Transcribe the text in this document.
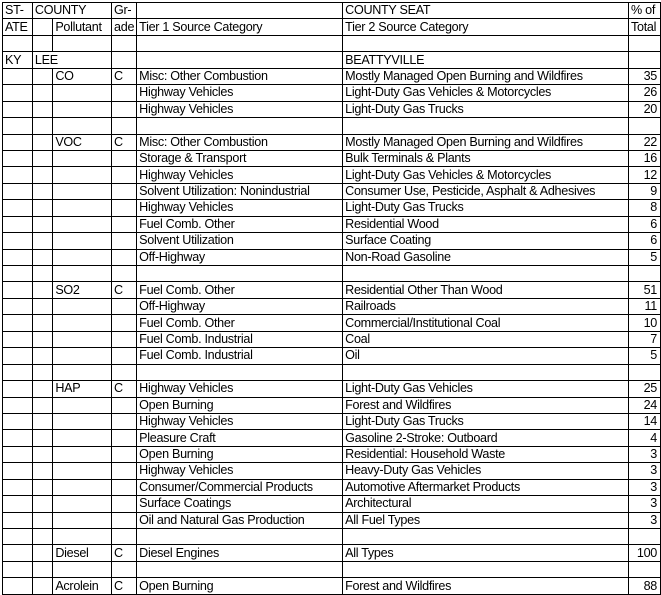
ST-	COUNTY		Gr-		COUNTY SEAT	% of
ATE		Pollutant	ade	Tier 1 Source Category	Tier 2 Source Category	Total

KY	LEE				BEATTYVILLE	
		CO	C	Misc: Other Combustion	Mostly Managed Open Burning and Wildfires	35
				Highway Vehicles	Light-Duty Gas Vehicles & Motorcycles	26
				Highway Vehicles	Light-Duty Gas Trucks	20

		VOC	C	Misc: Other Combustion	Mostly Managed Open Burning and Wildfires	22
				Storage & Transport	Bulk Terminals & Plants	16
				Highway Vehicles	Light-Duty Gas Vehicles & Motorcycles	12
				Solvent Utilization: Nonindustrial	Consumer Use, Pesticide, Asphalt & Adhesives	9
				Highway Vehicles	Light-Duty Gas Trucks	8
				Fuel Comb. Other	Residential Wood	6
				Solvent Utilization	Surface Coating	6
				Off-Highway	Non-Road Gasoline	5

		SO2	C	Fuel Comb. Other	Residential Other Than Wood	51
				Off-Highway	Railroads	11
				Fuel Comb. Other	Commercial/Institutional Coal	10
				Fuel Comb. Industrial	Coal	7
				Fuel Comb. Industrial	Oil	5

		HAP	C	Highway Vehicles	Light-Duty Gas Vehicles	25
				Open Burning	Forest and Wildfires	24
				Highway Vehicles	Light-Duty Gas Trucks	14
				Pleasure Craft	Gasoline 2-Stroke: Outboard	4
				Open Burning	Residential: Household Waste	3
				Highway Vehicles	Heavy-Duty Gas Vehicles	3
				Consumer/Commercial Products	Automotive Aftermarket Products	3
				Surface Coatings	Architectural	3
				Oil and Natural Gas Production	All Fuel Types	3

		Diesel	C	Diesel Engines	All Types	100

		Acrolein	C	Open Burning	Forest and Wildfires	88
